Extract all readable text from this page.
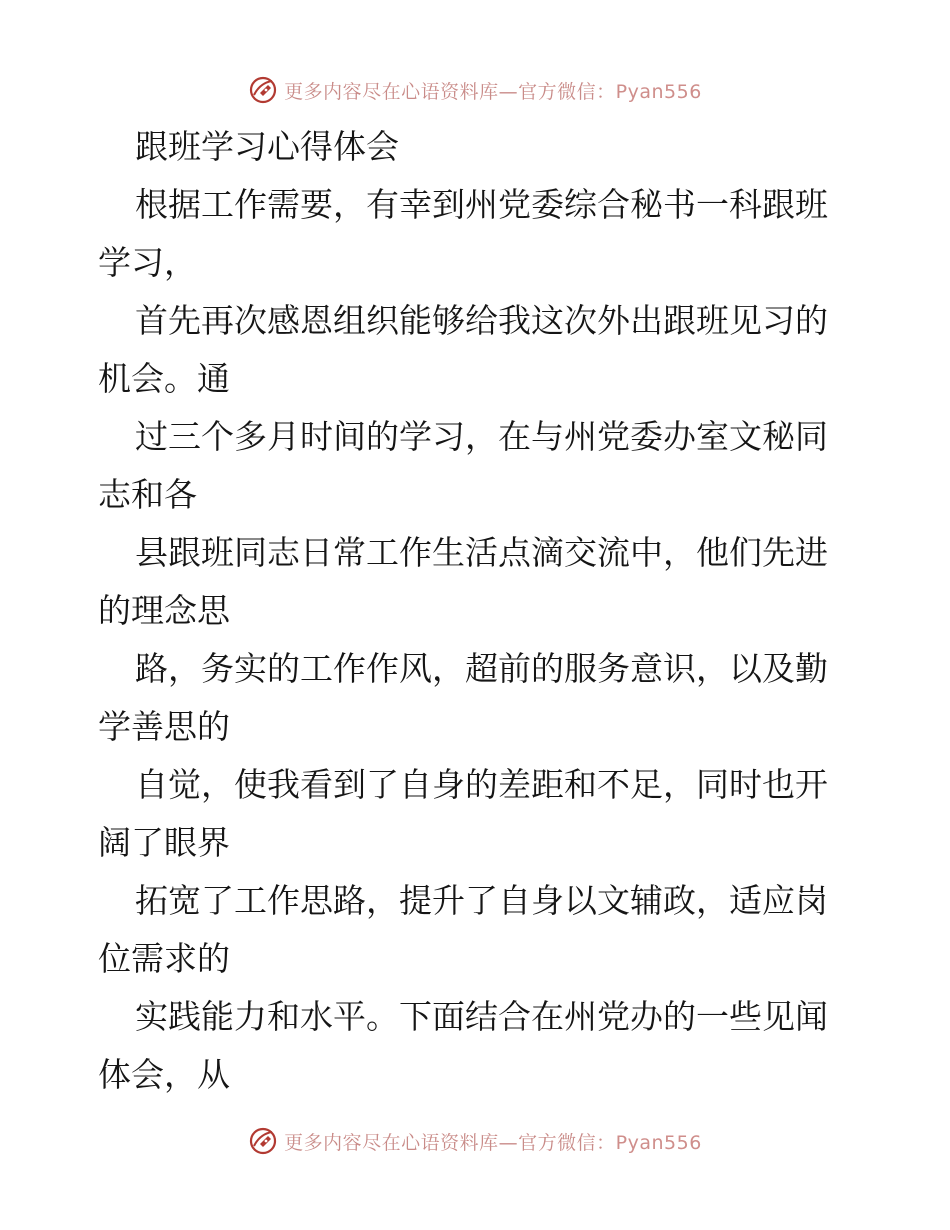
更多内容尽在心语资料库—官方微信：Pyan556
跟班学习心得体会
根据工作需要，有幸到州党委综合秘书一科跟班
学习，
首先再次感恩组织能够给我这次外出跟班见习的
机会。通
过三个多月时间的学习，在与州党委办室文秘同
志和各
县跟班同志日常工作生活点滴交流中，他们先进
的理念思
路，务实的工作作风，超前的服务意识，以及勤
学善思的
自觉，使我看到了自身的差距和不足，同时也开
阔了眼界
拓宽了工作思路，提升了自身以文辅政，适应岗
位需求的
实践能力和水平。下面结合在州党办的一些见闻
体会，从
更多内容尽在心语资料库—官方微信：Pyan556
